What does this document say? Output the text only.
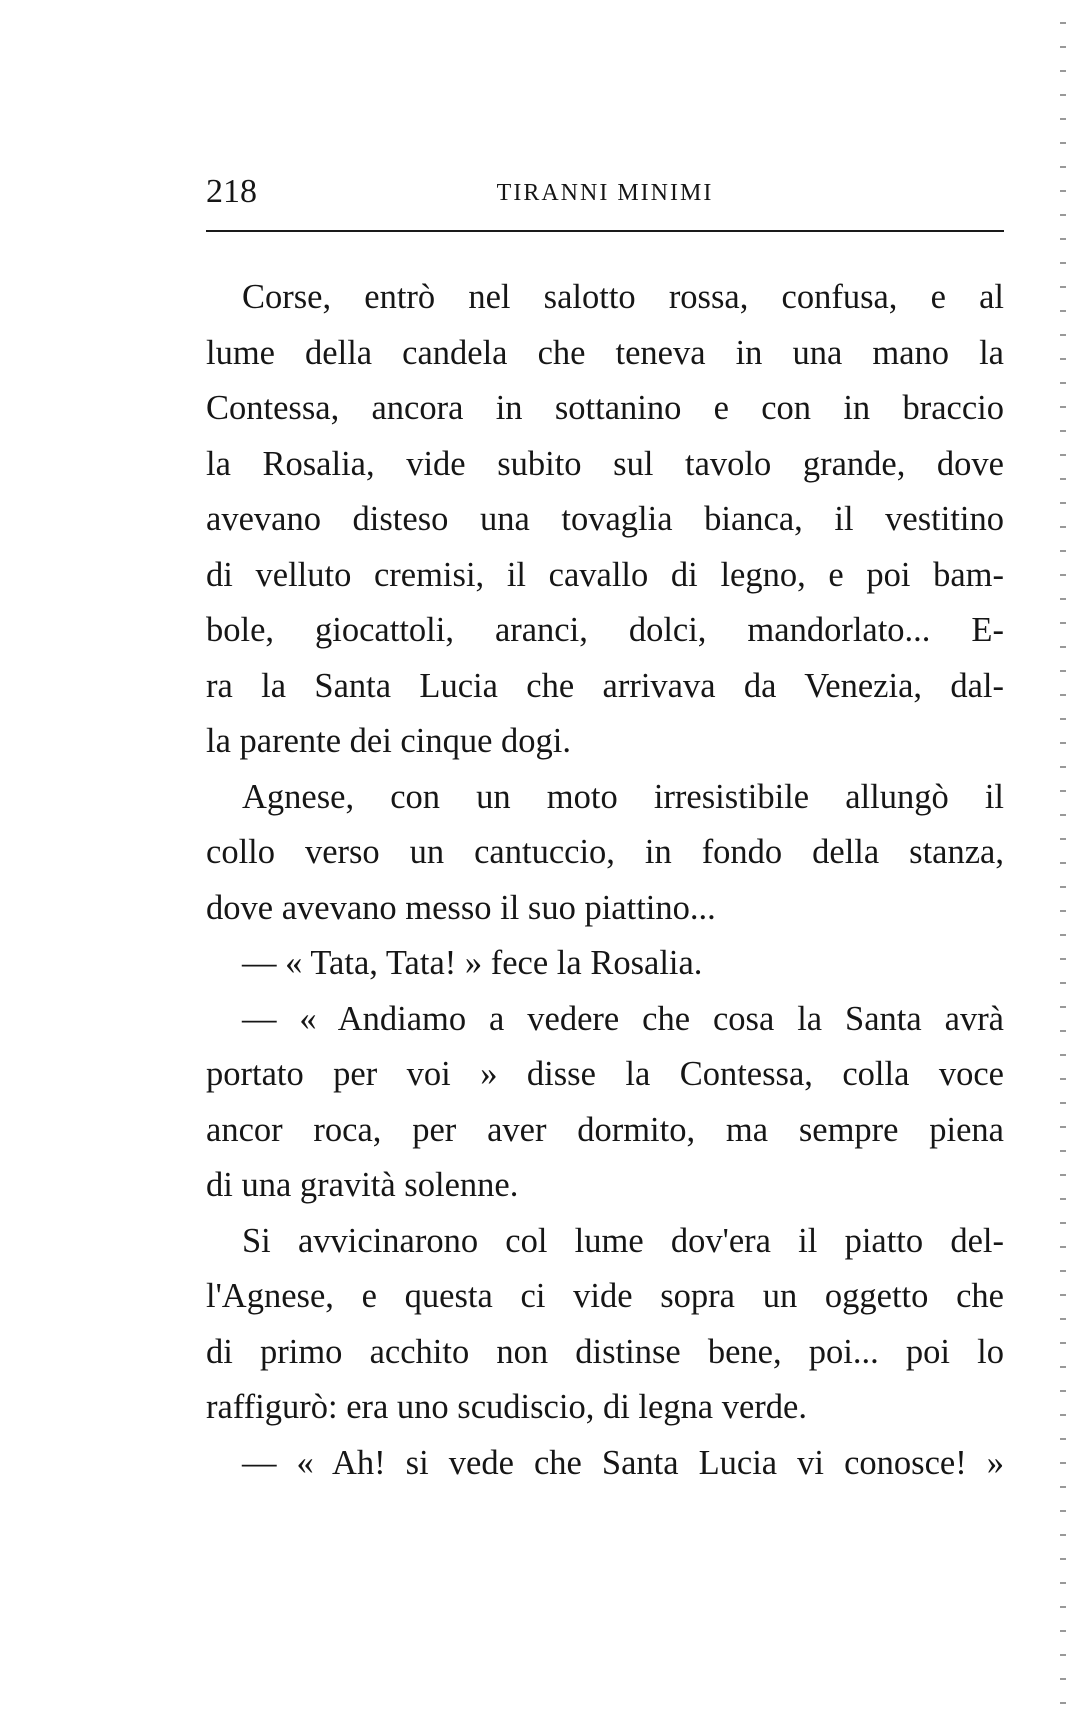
218	TIRANNI MINIMI
Corse, entrò nel salotto rossa, confusa, e al
lume della candela che teneva in una mano la
Contessa, ancora in sottanino e con in braccio
la Rosalia, vide subito sul tavolo grande, dove
avevano disteso una tovaglia bianca, il vestitino
di velluto cremisi, il cavallo di legno, e poi bam-
bole, giocattoli, aranci, dolci, mandorlato... E-
ra la Santa Lucia che arrivava da Venezia, dal-
la parente dei cinque dogi.
Agnese, con un moto irresistibile allungò il
collo verso un cantuccio, in fondo della stanza,
dove avevano messo il suo piattino...
— « Tata, Tata! » fece la Rosalia.
— « Andiamo a vedere che cosa la Santa avrà
portato per voi » disse la Contessa, colla voce
ancor roca, per aver dormito, ma sempre piena
di una gravità solenne.
Si avvicinarono col lume dov'era il piatto del-
l'Agnese, e questa ci vide sopra un oggetto che
di primo acchito non distinse bene, poi... poi lo
raffigurò: era uno scudiscio, di legna verde.
— « Ah! si vede che Santa Lucia vi conosce! »
